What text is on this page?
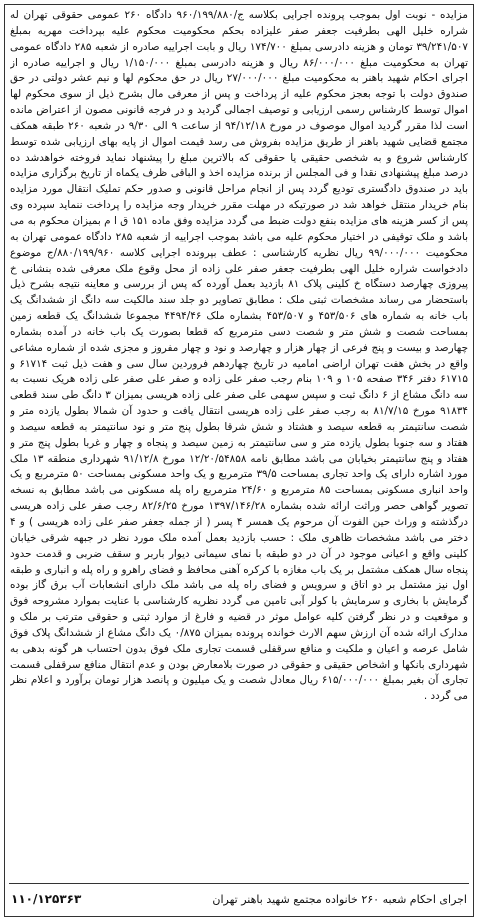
مزایده - نوبت اول بموجب پرونده اجرایی بکلاسه ج/۹۶۰/۱۹۹/۸۸۰ دادگاه ۲۶۰ عمومی حقوقی تهران له شراره خلیل الهی بطرفیت جعفر صفر علیزاده بحکم محکومیت محکوم علیه بپرداخت مهریه بمبلغ ۳۹/۲۴۱/۵۰۷ تومان و هزینه دادرسی بمبلغ ۱۷۴/۷۰۰ ریال و بابت اجراییه صادره از شعبه ۲۸۵ دادگاه عمومی تهران به محکومیت مبلغ ۸۶/۰۰۰/۰۰۰ ریال و هزینه دادرسی بمبلغ ۱/۱۵۰/۰۰۰ ریال و اجراییه صادره از اجرای احکام شهید باهنر به محکومیت مبلغ ۲۷/۰۰۰/۰۰۰ ریال در حق محکوم لها و نیم عشر دولتی در حق صندوق دولت با توجه بعجز محکوم علیه از پرداخت و پس از معرفی مال بشرح ذیل از سوی محکوم لها اموال توسط کارشناس رسمی ارزیابی و توصیف اجمالی گردید و در فرجه قانونی مصون از اعتراض مانده است لذا مقرر گردید اموال موصوف در مورخ ۹۴/۱۲/۱۸ از ساعت ۹ الی ۹/۳۰ در شعبه ۲۶۰ طبقه همکف مجتمع قضایی شهید باهنر از طریق مزایده بفروش می رسد قیمت اموال از پایه بهای ارزیابی شده توسط کارشناس شروع و به شخصی حقیقی یا حقوقی که بالاترین مبلغ را پیشنهاد نماید فروخته خواهدشد ده درصد مبلغ پیشنهادی نقدا و فی المجلس از برنده مزایده اخذ و الباقی ظرف یکماه از تاریخ برگزاری مزایده باید در صندوق دادگستری تودیع گردد پس از انجام مراحل قانونی و صدور حکم تملیک انتقال مورد مزایده بنام خریدار منتقل خواهد شد در صورتیکه در مهلت مقرر خریدار وجه مزایده را پرداخت ننماید سپرده وی پس از کسر هزینه های مزایده بنفع دولت ضبط می گردد مزایده وفق ماده ۱۵۱ ق ا م بمیزان محکوم به می باشد و ملک توقیفی در اختیار محکوم علیه می باشد بموجب اجراییه از شعبه ۲۸۵ دادگاه عمومی تهران به محکومیت ۹۹/۰۰۰/۰۰۰ ریال نظریه کارشناسی : عطف بپرونده اجرایی کلاسه ۸۸۰/۱۹۹/۹۶۰/ج موضوع دادخواست شراره خلیل الهی بطرفیت جعفر صفر علی زاده از محل وقوع ملک معرفی شده بنشانی خ پیروزی چهارصد دستگاه خ کلینی پلاک ۸۱ بازدید بعمل آورده که پس از بررسی و معاینه نتیجه بشرح ذیل باستحضار می رساند مشخصات ثبتی ملک : مطابق تصاویر دو جلد سند مالکیت سه دانگ از ششدانگ یک باب خانه به شماره های ۴۵۳/۵۰۶ و ۴۵۳/۵۰۷ بشماره ملک ۴۴۹۴/۴۶ مجموعا ششدانگ یک قطعه زمین بمساحت شصت و شش متر و شصت دسی مترمربع که قطعا بصورت یک باب خانه در آمده بشماره چهارصد و بیست و پنج فرعی از چهار هزار و چهارصد و نود و چهار مفروز و مجزی شده از شماره مشاعی واقع در بخش هفت تهران اراضی امامیه در تاریخ چهاردهم فروردین سال سی و هفت ذیل ثبت ۶۱۷۱۴ و ۶۱۷۱۵ دفتر ۳۴۶ صفحه ۱۰۵ و ۱۰۹ بنام رجب صفر علی زاده و صفر علی صفر علی زاده هریک نسبت به سه دانگ مشاع از ۶ دانگ ثبت و سپس سهمی علی صفر علی زاده هریسی بمیزان ۳ دانگ طی سند قطعی ۹۱۸۳۴ مورخ ۸۱/۷/۱۵ به رجب صفر علی زاده هریسی انتقال یافت و حدود آن شمالا بطول یازده متر و شصت سانتیمتر به قطعه سیصد و هشتاد و شش شرقا بطول پنج متر و نود سانتیمتر به قطعه سیصد و هفتاد و سه جنوبا بطول یازده متر و سی سانتیمتر به زمین سیصد و پنجاه و چهار و غربا بطول پنج متر و هفتاد و پنج سانتیمتر بخیابان می باشد مطابق نامه ۱۲/۲۰/۵۴۸۵۸ مورخ ۹۱/۱۲/۸ شهرداری منطقه ۱۳ ملک مورد اشاره دارای یک واحد تجاری بمساحت ۳۹/۵ مترمربع و یک واحد مسکونی بمساحت ۵۰ مترمربع و یک واحد انباری مسکونی بمساحت ۸۵ مترمربع و ۲۴/۶۰ مترمربع راه پله مسکونی می باشد مطابق به نسخه تصویر گواهی حصر وراثت ارائه شده بشماره ۱۳۹۷/۱۴۶/۲۸ مورخ ۸۲/۶/۲۵ رجب صفر علی زاده هریسی درگذشته و وراث حین الفوت آن مرحوم یک همسر ۴ پسر ( از جمله جعفر صفر علی زاده هریسی ) و ۴ دختر می باشد مشخصات ظاهری ملک : حسب بازدید بعمل آمده ملک مورد نظر در جبهه شرقی خیابان کلینی واقع و اعیانی موجود در آن در دو طبقه با نمای سیمانی دیوار باربر و سقف ضربی و قدمت حدود پنجاه سال همکف مشتمل بر یک باب مغازه با کرکره آهنی محافظ و فضای راهرو و راه پله و انباری و طبقه اول نیز مشتمل بر دو اتاق و سرویس و فضای راه پله می باشد ملک دارای انشعابات آب برق گاز بوده گرمایش با بخاری و سرمایش با کولر آبی تامین می گردد نظریه کارشناسی با عنایت بموارد مشروحه فوق و موقعیت و در نظر گرفتن کلیه عوامل موثر در قضیه و فارغ از موارد ثبتی و حقوقی مترتب بر ملک و مدارک ارائه شده آن ارزش سهم الارث خوانده پرونده بمیزان ۰/۸۷۵ یک دانگ مشاع از ششدانگ پلاک فوق شامل عرصه و اعیان و ملکیت و منافع سرقفلی قسمت تجاری ملک فوق بدون احتساب هر گونه بدهی به شهرداری بانکها و اشخاص حقیقی و حقوقی در صورت بلامعارض بودن و عدم انتقال منافع سرقفلی قسمت تجاری آن بغیر بمبلغ ۶۱۵/۰۰۰/۰۰۰ ریال معادل شصت و یک میلیون و پانصد هزار تومان برآورد و اعلام نظر می گردد .

اجرای احکام شعبه ۲۶۰ خانواده مجتمع شهید باهنر تهران
۱۱۰/۱۲۵۳۶۳
